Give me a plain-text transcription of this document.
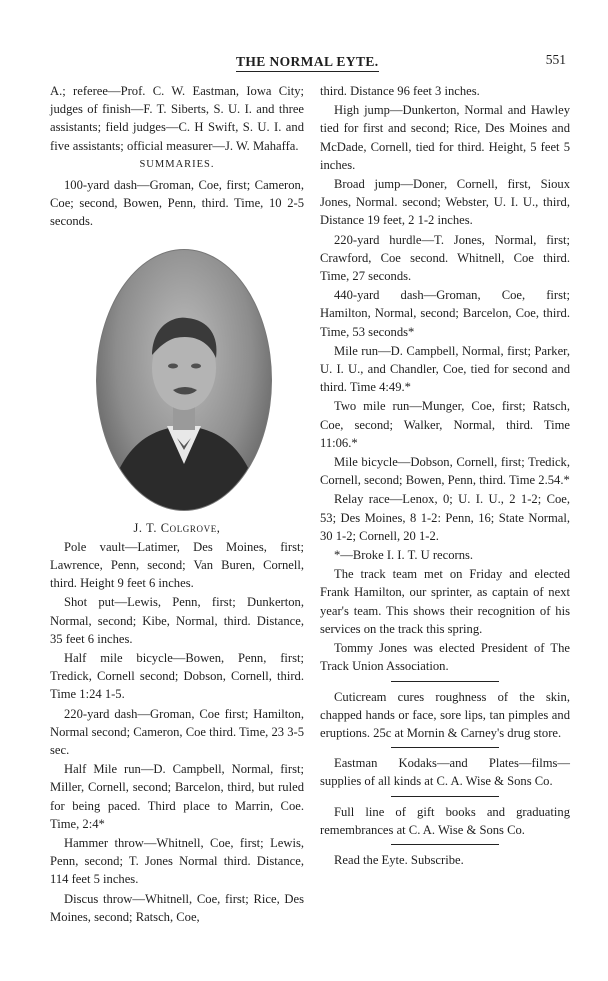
THE NORMAL EYTE.	551

A.; referee—Prof. C. W. Eastman, Iowa City; judges of finish—F. T. Siberts, S. U. I. and three assistants; field judges—C. H Swift, S. U. I. and five assistants; official measurer—J. W. Mahaffa.

SUMMARIES.

100-yard dash—Groman, Coe, first; Cameron, Coe; second, Bowen, Penn, third. Time, 10 2-5 seconds.

J. T. Colgrove,

Pole vault—Latimer, Des Moines, first; Lawrence, Penn, second; Van Buren, Cornell, third. Height 9 feet 6 inches.

Shot put—Lewis, Penn, first; Dunkerton, Normal, second; Kibe, Normal, third. Distance, 35 feet 6 inches.

Half mile bicycle—Bowen, Penn, first; Tredick, Cornell second; Dobson, Cornell, third. Time 1:24 1-5.

220-yard dash—Groman, Coe first; Hamilton, Normal second; Cameron, Coe third. Time, 23 3-5 sec.

Half Mile run—D. Campbell, Normal, first; Miller, Cornell, second; Barcelon, third, but ruled for being paced. Third place to Marrin, Coe. Time, 2:4*

Hammer throw—Whitnell, Coe, first; Lewis, Penn, second; T. Jones Normal third. Distance, 114 feet 5 inches.

Discus throw—Whitnell, Coe, first; Rice, Des Moines, second; Ratsch, Coe,

third. Distance 96 feet 3 inches.

High jump—Dunkerton, Normal and Hawley tied for first and second; Rice, Des Moines and McDade, Cornell, tied for third. Height, 5 feet 5 inches.

Broad jump—Doner, Cornell, first, Sioux Jones, Normal. second; Webster, U. I. U., third, Distance 19 feet, 2 1-2 inches.

220-yard hurdle—T. Jones, Normal, first; Crawford, Coe second. Whitnell, Coe third. Time, 27 seconds.

440-yard dash—Groman, Coe, first; Hamilton, Normal, second; Barcelon, Coe, third. Time, 53 seconds*

Mile run—D. Campbell, Normal, first; Parker, U. I. U., and Chandler, Coe, tied for second and third. Time 4:49.*

Two mile run—Munger, Coe, first; Ratsch, Coe, second; Walker, Normal, third. Time 11:06.*

Mile bicycle—Dobson, Cornell, first; Tredick, Cornell, second; Bowen, Penn, third. Time 2.54.*

Relay race—Lenox, 0; U. I. U., 2 1-2; Coe, 53; Des Moines, 8 1-2: Penn, 16; State Normal, 30 1-2; Cornell, 20 1-2.

*—Broke I. I. T. U recorns.

The track team met on Friday and elected Frank Hamilton, our sprinter, as captain of next year's team. This shows their recognition of his services on the track this spring.

Tommy Jones was elected President of The Track Union Association.

Cuticream cures roughness of the skin, chapped hands or face, sore lips, tan pimples and eruptions. 25c at Mornin & Carney's drug store.

Eastman Kodaks—and Plates—films—supplies of all kinds at C. A. Wise & Sons Co.

Full line of gift books and graduating remembrances at C. A. Wise & Sons Co.

Read the Eyte. Subscribe.
